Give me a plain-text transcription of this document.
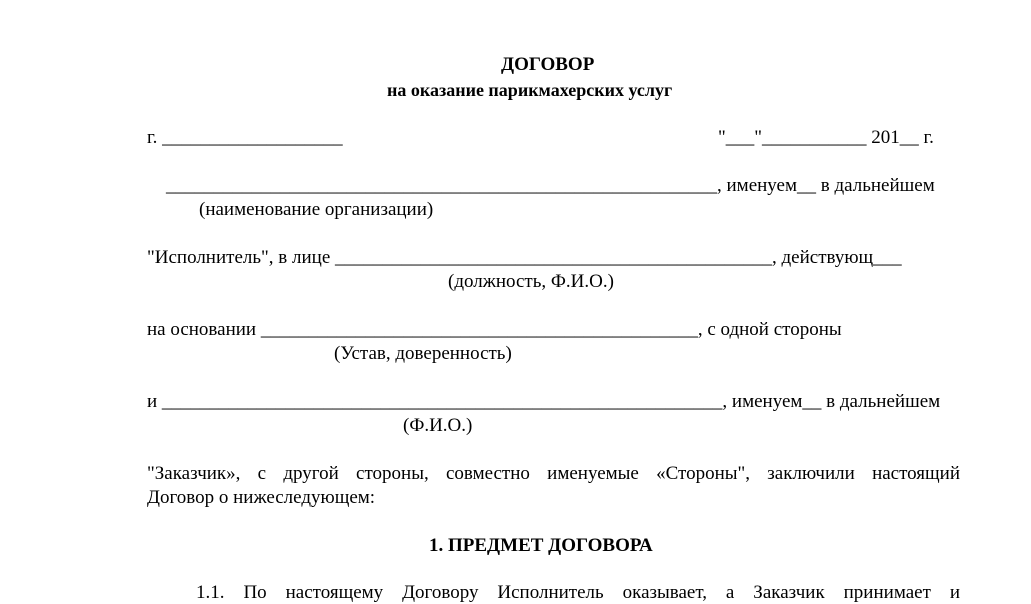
ДОГОВОР
на оказание парикмахерских услуг
г. ___________________	"___"___________ 201__ г.
__________________________________________________________, именуем__ в дальнейшем
(наименование организации)
"Исполнитель", в лице ______________________________________________, действующ___
(должность, Ф.И.О.)
на основании ______________________________________________, с одной стороны
(Устав, доверенность)
и ___________________________________________________________, именуем__ в дальнейшем
(Ф.И.О.)
"Заказчик», с другой стороны, совместно именуемые «Стороны", заключили настоящий
Договор о нижеследующем:
1. ПРЕДМЕТ ДОГОВОРА
1.1. По настоящему Договору Исполнитель оказывает, а Заказчик принимает и
